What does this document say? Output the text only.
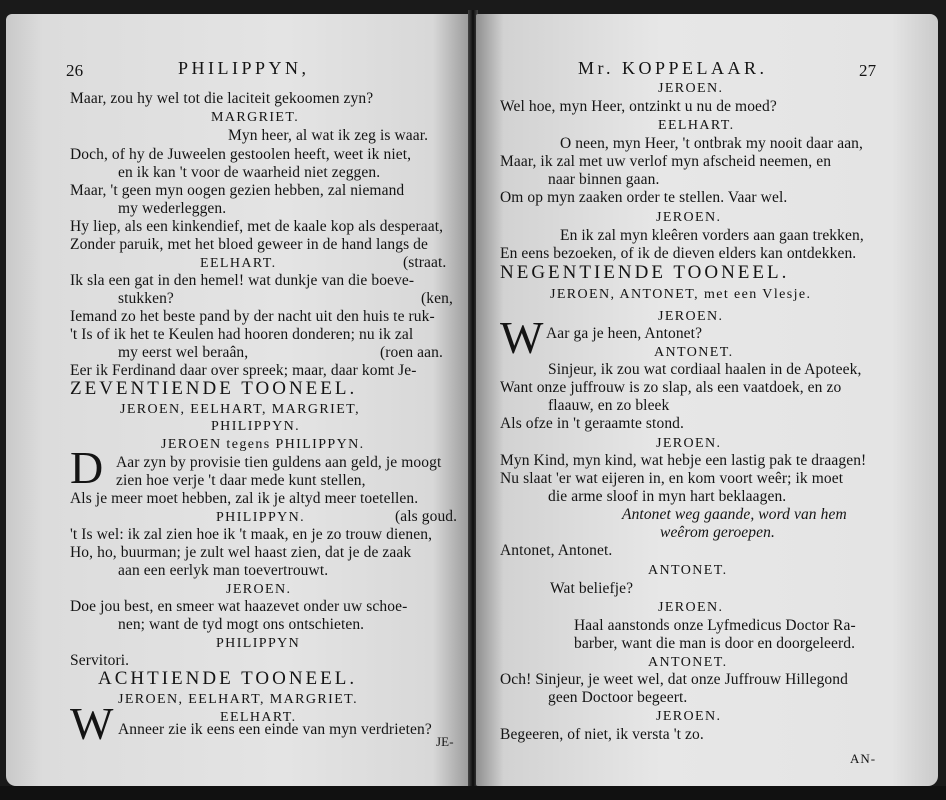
26	PHILIPPYN,
Maar, zou hy wel tot die laciteit gekoomen zyn?
MARGRIET.
Myn heer, al wat ik zeg is waar.
Doch, of hy de Juweelen gestoolen heeft, weet ik niet,
en ik kan 't voor de waarheid niet zeggen.
Maar, 't geen myn oogen gezien hebben, zal niemand
my wederleggen.
Hy liep, als een kinkendief, met de kaale kop als desperaat,
Zonder paruik, met het bloed geweer in de hand langs de
EELHART.	(straat.
Ik sla een gat in den hemel! wat dunkje van die boeve-
stukken?	(ken,
Iemand zo het beste pand by der nacht uit den huis te ruk-
't Is of ik het te Keulen had hooren donderen; nu ik zal
my eerst wel beraân,	(roen aan.
Eer ik Ferdinand daar over spreek; maar, daar komt Je-
ZEVENTIENDE TOONEEL.
JEROEN, EELHART, MARGRIET,
PHILIPPYN.
JEROEN tegens PHILIPPYN.
D Aar zyn by provisie tien guldens aan geld, je moogt
zien hoe verje 't daar mede kunt stellen,
Als je meer moet hebben, zal ik je altyd meer toetellen.
PHILIPPYN.	(als goud.
't Is wel: ik zal zien hoe ik 't maak, en je zo trouw dienen,
Ho, ho, buurman; je zult wel haast zien, dat je de zaak
aan een eerlyk man toevertrouwt.
JEROEN.
Doe jou best, en smeer wat haazevet onder uw schoe-
nen; want de tyd mogt ons ontschieten.
PHILIPPYN
Servitori.
ACHTIENDE TOONEEL.
JEROEN, EELHART, MARGRIET.
EELHART.
W Anneer zie ik eens een einde van myn verdrieten?
JE-
Mr. KOPPELAAR.	27
JEROEN.
Wel hoe, myn Heer, ontzinkt u nu de moed?
EELHART.
O neen, myn Heer, 't ontbrak my nooit daar aan,
Maar, ik zal met uw verlof myn afscheid neemen, en
naar binnen gaan.
Om op myn zaaken order te stellen. Vaar wel.
JEROEN.
En ik zal myn kleêren vorders aan gaan trekken,
En eens bezoeken, of ik de dieven elders kan ontdekken.
NEGENTIENDE TOONEEL.
JEROEN, ANTONET, met een Vlesje.
JEROEN.
W Aar ga je heen, Antonet?
ANTONET.
Sinjeur, ik zou wat cordiaal haalen in de Apoteek,
Want onze juffrouw is zo slap, als een vaatdoek, en zo
flaauw, en zo bleek
Als ofze in 't geraamte stond.
JEROEN.
Myn Kind, myn kind, wat hebje een lastig pak te draagen!
Nu slaat 'er wat eijeren in, en kom voort weêr; ik moet
die arme sloof in myn hart beklaagen.
Antonet weg gaande, word van hem
weêrom geroepen.
Antonet, Antonet.
ANTONET.
Wat beliefje?
JEROEN.
Haal aanstonds onze Lyfmedicus Doctor Ra-
barber, want die man is door en doorgeleerd.
ANTONET.
Och! Sinjeur, je weet wel, dat onze Juffrouw Hillegond
geen Doctoor begeert.
JEROEN.
Begeeren, of niet, ik versta 't zo.
AN-
